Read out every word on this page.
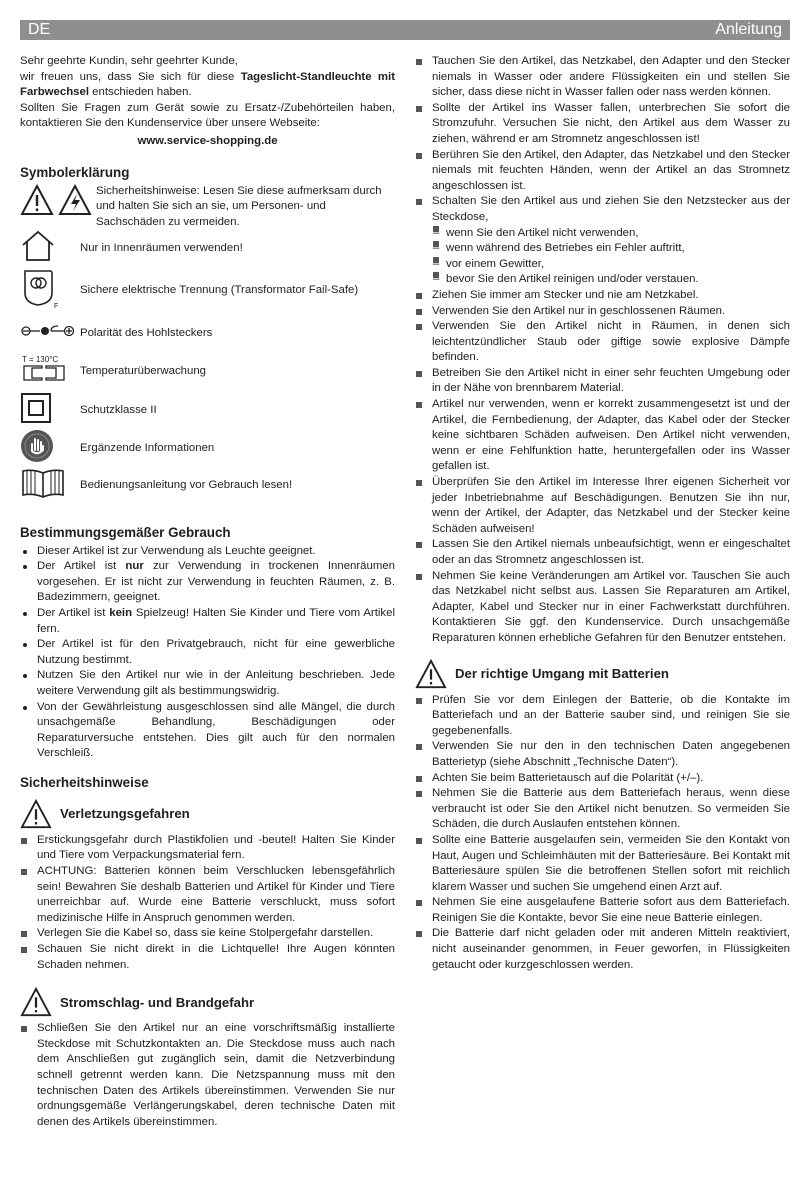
DE	Anleitung

Sehr geehrte Kundin, sehr geehrter Kunde,

wir freuen uns, dass Sie sich für diese Tageslicht-Standleuchte mit Farbwechsel entschieden haben.

Sollten Sie Fragen zum Gerät sowie zu Ersatz-/Zubehörteilen haben, kontaktieren Sie den Kundenservice über unsere Webseite:

www.service-shopping.de

Symbolerklärung
Sicherheitshinweise: Lesen Sie diese aufmerksam durch und halten Sie sich an sie, um Personen- und Sachschäden zu vermeiden.
Nur in Innenräumen verwenden!
F
Sichere elektrische Trennung (Transformator Fail-Safe)
Polarität des Hohlsteckers
T = 130°C
Temperaturüberwachung
Schutzklasse II
Ergänzende Informationen
Bedienungsanleitung vor Gebrauch lesen!
Bestimmungsgemäßer Gebrauch
Dieser Artikel ist zur Verwendung als Leuchte geeignet.
Der Artikel ist nur zur Verwendung in trockenen Innenräumen vorgesehen. Er ist nicht zur Verwendung in feuchten Räumen, z. B. Badezimmern, geeignet.
Der Artikel ist kein Spielzeug! Halten Sie Kinder und Tiere vom Artikel fern.
Der Artikel ist für den Privatgebrauch, nicht für eine gewerbliche Nutzung bestimmt.
Nutzen Sie den Artikel nur wie in der Anleitung beschrieben. Jede weitere Verwendung gilt als bestimmungswidrig.
Von der Gewährleistung ausgeschlossen sind alle Mängel, die durch unsachgemäße Behandlung, Beschädigungen oder Reparaturversuche entstehen. Dies gilt auch für den normalen Verschleiß.
Sicherheitshinweise
Verletzungsgefahren
Erstickungsgefahr durch Plastikfolien und -beutel! Halten Sie Kinder und Tiere vom Verpackungsmaterial fern.
ACHTUNG: Batterien können beim Verschlucken lebensgefährlich sein! Bewahren Sie deshalb Batterien und Artikel für Kinder und Tiere unerreichbar auf. Wurde eine Batterie verschluckt, muss sofort medizinische Hilfe in Anspruch genommen werden.
Verlegen Sie die Kabel so, dass sie keine Stolpergefahr darstellen.
Schauen Sie nicht direkt in die Lichtquelle! Ihre Augen könnten Schaden nehmen.
Stromschlag- und Brandgefahr
Schließen Sie den Artikel nur an eine vorschriftsmäßig installierte Steckdose mit Schutzkontakten an. Die Steckdose muss auch nach dem Anschließen gut zugänglich sein, damit die Netzverbindung schnell getrennt werden kann. Die Netzspannung muss mit den technischen Daten des Artikels übereinstimmen. Verwenden Sie nur ordnungsgemäße Verlängerungskabel, deren technische Daten mit denen des Artikels übereinstimmen.
Tauchen Sie den Artikel, das Netzkabel, den Adapter und den Stecker niemals in Wasser oder andere Flüssigkeiten ein und stellen Sie sicher, dass diese nicht in Wasser fallen oder nass werden können.
Sollte der Artikel ins Wasser fallen, unterbrechen Sie sofort die Stromzufuhr. Versuchen Sie nicht, den Artikel aus dem Wasser zu ziehen, während er am Stromnetz angeschlossen ist!
Berühren Sie den Artikel, den Adapter, das Netzkabel und den Stecker niemals mit feuchten Händen, wenn der Artikel an das Stromnetz angeschlossen ist.
Schalten Sie den Artikel aus und ziehen Sie den Netzstecker aus der Steckdose,
– wenn Sie den Artikel nicht verwenden,
– wenn während des Betriebes ein Fehler auftritt,
– vor einem Gewitter,
– bevor Sie den Artikel reinigen und/oder verstauen.
Ziehen Sie immer am Stecker und nie am Netzkabel.
Verwenden Sie den Artikel nur in geschlossenen Räumen.
Verwenden Sie den Artikel nicht in Räumen, in denen sich leichtentzündlicher Staub oder giftige sowie explosive Dämpfe befinden.
Betreiben Sie den Artikel nicht in einer sehr feuchten Umgebung oder in der Nähe von brennbarem Material.
Artikel nur verwenden, wenn er korrekt zusammengesetzt ist und der Artikel, die Fernbedienung, der Adapter, das Kabel oder der Stecker keine sichtbaren Schäden aufweisen. Den Artikel nicht verwenden, wenn er eine Fehlfunktion hatte, heruntergefallen oder ins Wasser gefallen ist.
Überprüfen Sie den Artikel im Interesse Ihrer eigenen Sicherheit vor jeder Inbetriebnahme auf Beschädigungen. Benutzen Sie ihn nur, wenn der Artikel, der Adapter, das Netzkabel und der Stecker keine Schäden aufweisen!
Lassen Sie den Artikel niemals unbeaufsichtigt, wenn er eingeschaltet oder an das Stromnetz angeschlossen ist.
Nehmen Sie keine Veränderungen am Artikel vor. Tauschen Sie auch das Netzkabel nicht selbst aus. Lassen Sie Reparaturen am Artikel, Adapter, Kabel und Stecker nur in einer Fachwerkstatt durchführen. Kontaktieren Sie ggf. den Kundenservice. Durch unsachgemäße Reparaturen können erhebliche Gefahren für den Benutzer entstehen.
Der richtige Umgang mit Batterien
Prüfen Sie vor dem Einlegen der Batterie, ob die Kontakte im Batteriefach und an der Batterie sauber sind, und reinigen Sie sie gegebenenfalls.
Verwenden Sie nur den in den technischen Daten angegebenen Batterietyp (siehe Abschnitt „Technische Daten“).
Achten Sie beim Batterietausch auf die Polarität (+/–).
Nehmen Sie die Batterie aus dem Batteriefach heraus, wenn diese verbraucht ist oder Sie den Artikel nicht benutzen. So vermeiden Sie Schäden, die durch Auslaufen entstehen können.
Sollte eine Batterie ausgelaufen sein, vermeiden Sie den Kontakt von Haut, Augen und Schleimhäuten mit der Batteriesäure. Bei Kontakt mit Batteriesäure spülen Sie die betroffenen Stellen sofort mit reichlich klarem Wasser und suchen Sie umgehend einen Arzt auf.
Nehmen Sie eine ausgelaufene Batterie sofort aus dem Batteriefach. Reinigen Sie die Kontakte, bevor Sie eine neue Batterie einlegen.
Die Batterie darf nicht geladen oder mit anderen Mitteln reaktiviert, nicht auseinander genommen, in Feuer geworfen, in Flüssigkeiten getaucht oder kurzgeschlossen werden.
